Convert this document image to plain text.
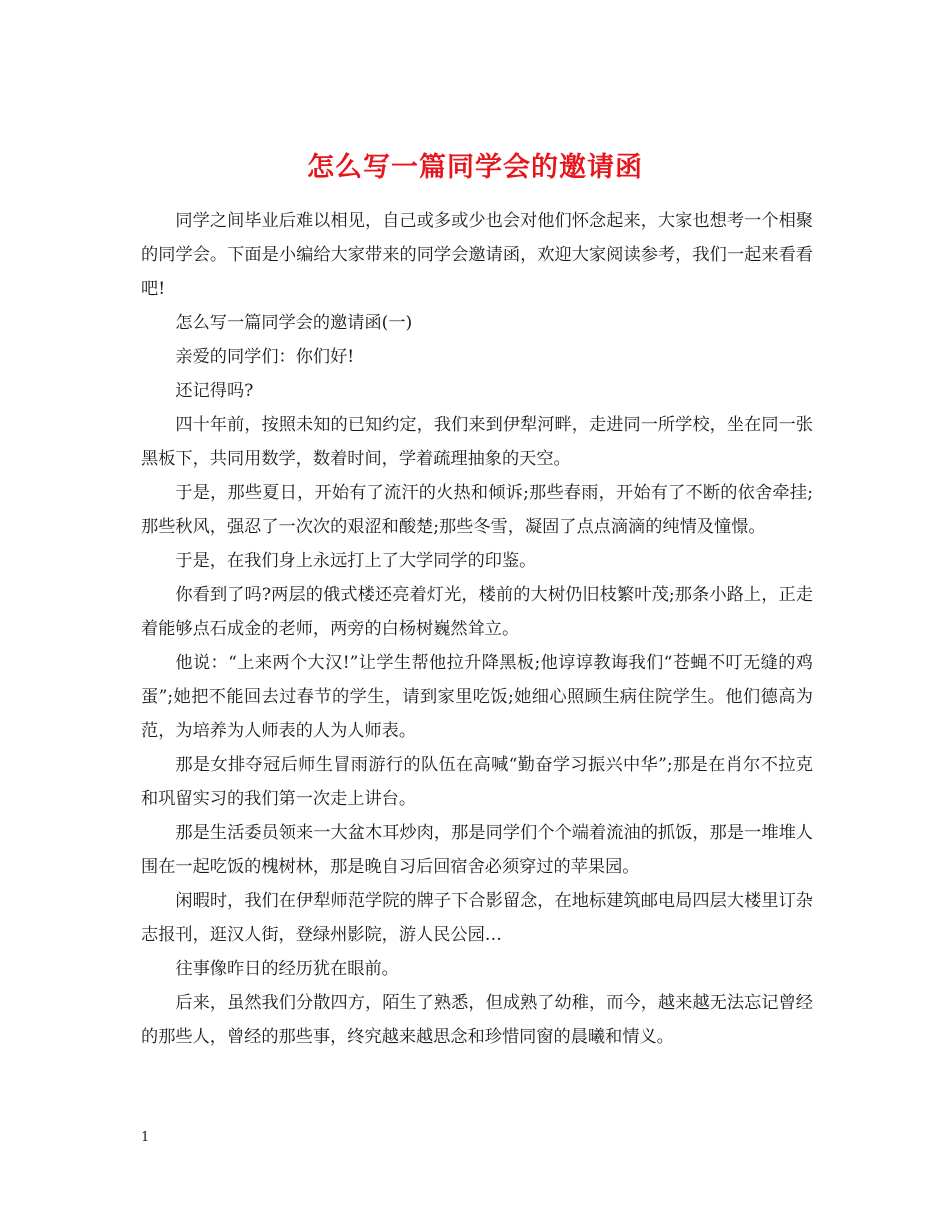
怎么写一篇同学会的邀请函

同学之间毕业后难以相见，自己或多或少也会对他们怀念起来，大家也想考一个相聚的同学会。下面是小编给大家带来的同学会邀请函，欢迎大家阅读参考，我们一起来看看吧!

怎么写一篇同学会的邀请函(一)

亲爱的同学们：你们好!

还记得吗?

四十年前，按照未知的已知约定，我们来到伊犁河畔，走进同一所学校，坐在同一张黑板下，共同用数学，数着时间，学着疏理抽象的天空。

于是，那些夏日，开始有了流汗的火热和倾诉;那些春雨，开始有了不断的依舍牵挂;那些秋风，强忍了一次次的艰涩和酸楚;那些冬雪，凝固了点点滴滴的纯情及憧憬。

于是，在我们身上永远打上了大学同学的印鉴。

你看到了吗?两层的俄式楼还亮着灯光，楼前的大树仍旧枝繁叶茂;那条小路上，正走着能够点石成金的老师，两旁的白杨树巍然耸立。

他说：“上来两个大汉!”让学生帮他拉升降黑板;他谆谆教诲我们“苍蝇不叮无缝的鸡蛋”;她把不能回去过春节的学生，请到家里吃饭;她细心照顾生病住院学生。他们德高为范，为培养为人师表的人为人师表。

那是女排夺冠后师生冒雨游行的队伍在高喊“勤奋学习振兴中华”;那是在肖尔不拉克和巩留实习的我们第一次走上讲台。

那是生活委员领来一大盆木耳炒肉，那是同学们个个端着流油的抓饭，那是一堆堆人围在一起吃饭的槐树林，那是晚自习后回宿舍必须穿过的苹果园。

闲暇时，我们在伊犁师范学院的牌子下合影留念，在地标建筑邮电局四层大楼里订杂志报刊，逛汉人街，登绿州影院，游人民公园…

往事像昨日的经历犹在眼前。

后来，虽然我们分散四方，陌生了熟悉，但成熟了幼稚，而今，越来越无法忘记曾经的那些人，曾经的那些事，终究越来越思念和珍惜同窗的晨曦和情义。

1
